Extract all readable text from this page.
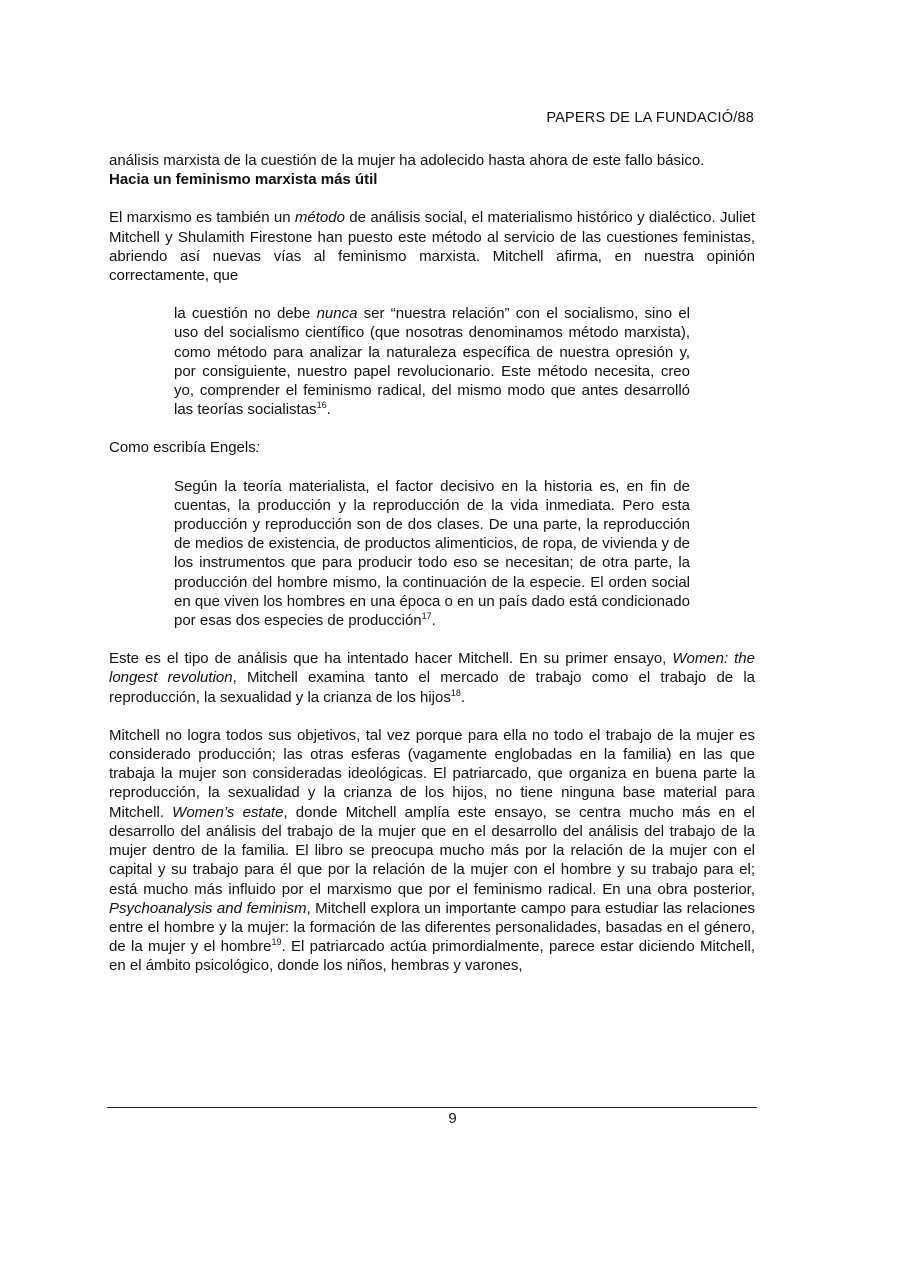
PAPERS DE LA FUNDACIÓ/88

análisis marxista de la cuestión de la mujer ha adolecido hasta ahora de este fallo básico.

Hacia un feminismo marxista más útil

El marxismo es también un método de análisis social, el materialismo histórico y dialéctico. Juliet Mitchell y Shulamith Firestone han puesto este método al servicio de las cuestiones feministas, abriendo así nuevas vías al feminismo marxista. Mitchell afirma, en nuestra opinión correctamente, que

la cuestión no debe nunca ser “nuestra relación” con el socialismo, sino el uso del socialismo científico (que nosotras denominamos método marxista), como método para analizar la naturaleza específica de nuestra opresión y, por consiguiente, nuestro papel revolucionario. Este método necesita, creo yo, comprender el feminismo radical, del mismo modo que antes desarrolló las teorías socialistas$^{16}$.

Como escribía Engels:

Según la teoría materialista, el factor decisivo en la historia es, en fin de cuentas, la producción y la reproducción de la vida inmediata. Pero esta producción y reproducción son de dos clases. De una parte, la reproducción de medios de existencia, de productos alimenticios, de ropa, de vivienda y de los instrumentos que para producir todo eso se necesitan; de otra parte, la producción del hombre mismo, la continuación de la especie. El orden social en que viven los hombres en una época o en un país dado está condicionado por esas dos especies de producción$^{17}$.

Este es el tipo de análisis que ha intentado hacer Mitchell. En su primer ensayo, Women: the longest revolution, Mitchell examina tanto el mercado de trabajo como el trabajo de la reproducción, la sexualidad y la crianza de los hijos$^{18}$.

Mitchell no logra todos sus objetivos, tal vez porque para ella no todo el trabajo de la mujer es considerado producción; las otras esferas (vagamente englobadas en la familia) en las que trabaja la mujer son consideradas ideológicas. El patriarcado, que organiza en buena parte la reproducción, la sexualidad y la crianza de los hijos, no tiene ninguna base material para Mitchell. Women’s estate, donde Mitchell amplía este ensayo, se centra mucho más en el desarrollo del análisis del trabajo de la mujer que en el desarrollo del análisis del trabajo de la mujer dentro de la familia. El libro se preocupa mucho más por la relación de la mujer con el capital y su trabajo para él que por la relación de la mujer con el hombre y su trabajo para el; está mucho más influido por el marxismo que por el feminismo radical. En una obra posterior, Psychoanalysis and feminism, Mitchell explora un importante campo para estudiar las relaciones entre el hombre y la mujer: la formación de las diferentes personalidades, basadas en el género, de la mujer y el hombre$^{19}$. El patriarcado actúa primordialmente, parece estar diciendo Mitchell, en el ámbito psicológico, donde los niños, hembras y varones,

9
